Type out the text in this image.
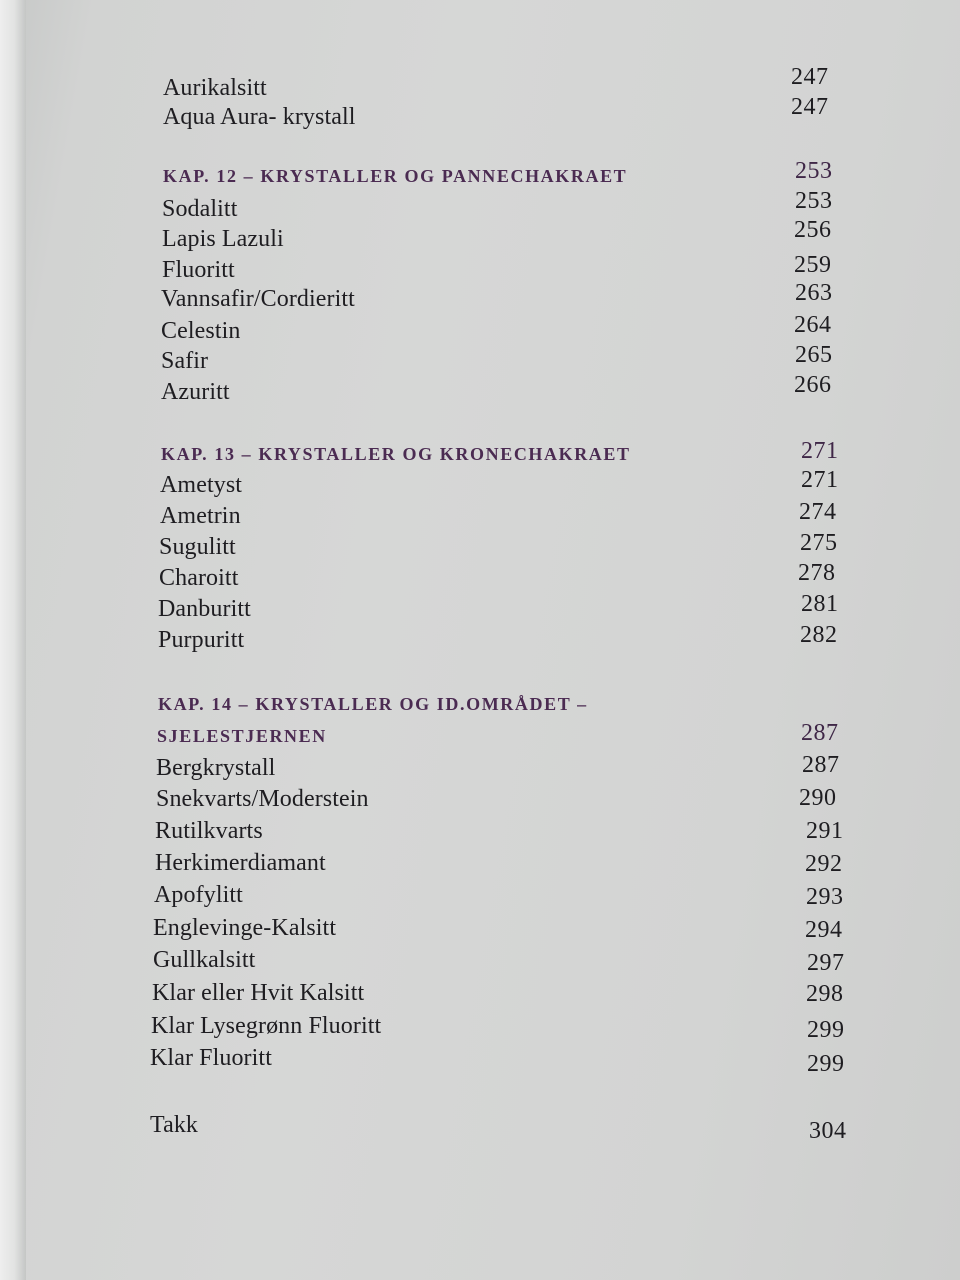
Aurikalsitt	247
Aqua Aura- krystall	247
KAP. 12 – KRYSTALLER OG PANNECHAKRAET	253
Sodalitt	253
Lapis Lazuli	256
Fluoritt	259
Vannsafir/Cordieritt	263
Celestin	264
Safir	265
Azuritt	266
KAP. 13 – KRYSTALLER OG KRONECHAKRAET	271
Ametyst	271
Ametrin	274
Sugulitt	275
Charoitt	278
Danburitt	281
Purpuritt	282
KAP. 14 – KRYSTALLER OG ID.OMRÅDET –
SJELESTJERNEN	287
Bergkrystall	287
Snekvarts/Moderstein	290
Rutilkvarts	291
Herkimerdiamant	292
Apofylitt	293
Englevinge-Kalsitt	294
Gullkalsitt	297
Klar eller Hvit Kalsitt	298
Klar Lysegrønn Fluoritt	299
Klar Fluoritt	299
Takk	304
